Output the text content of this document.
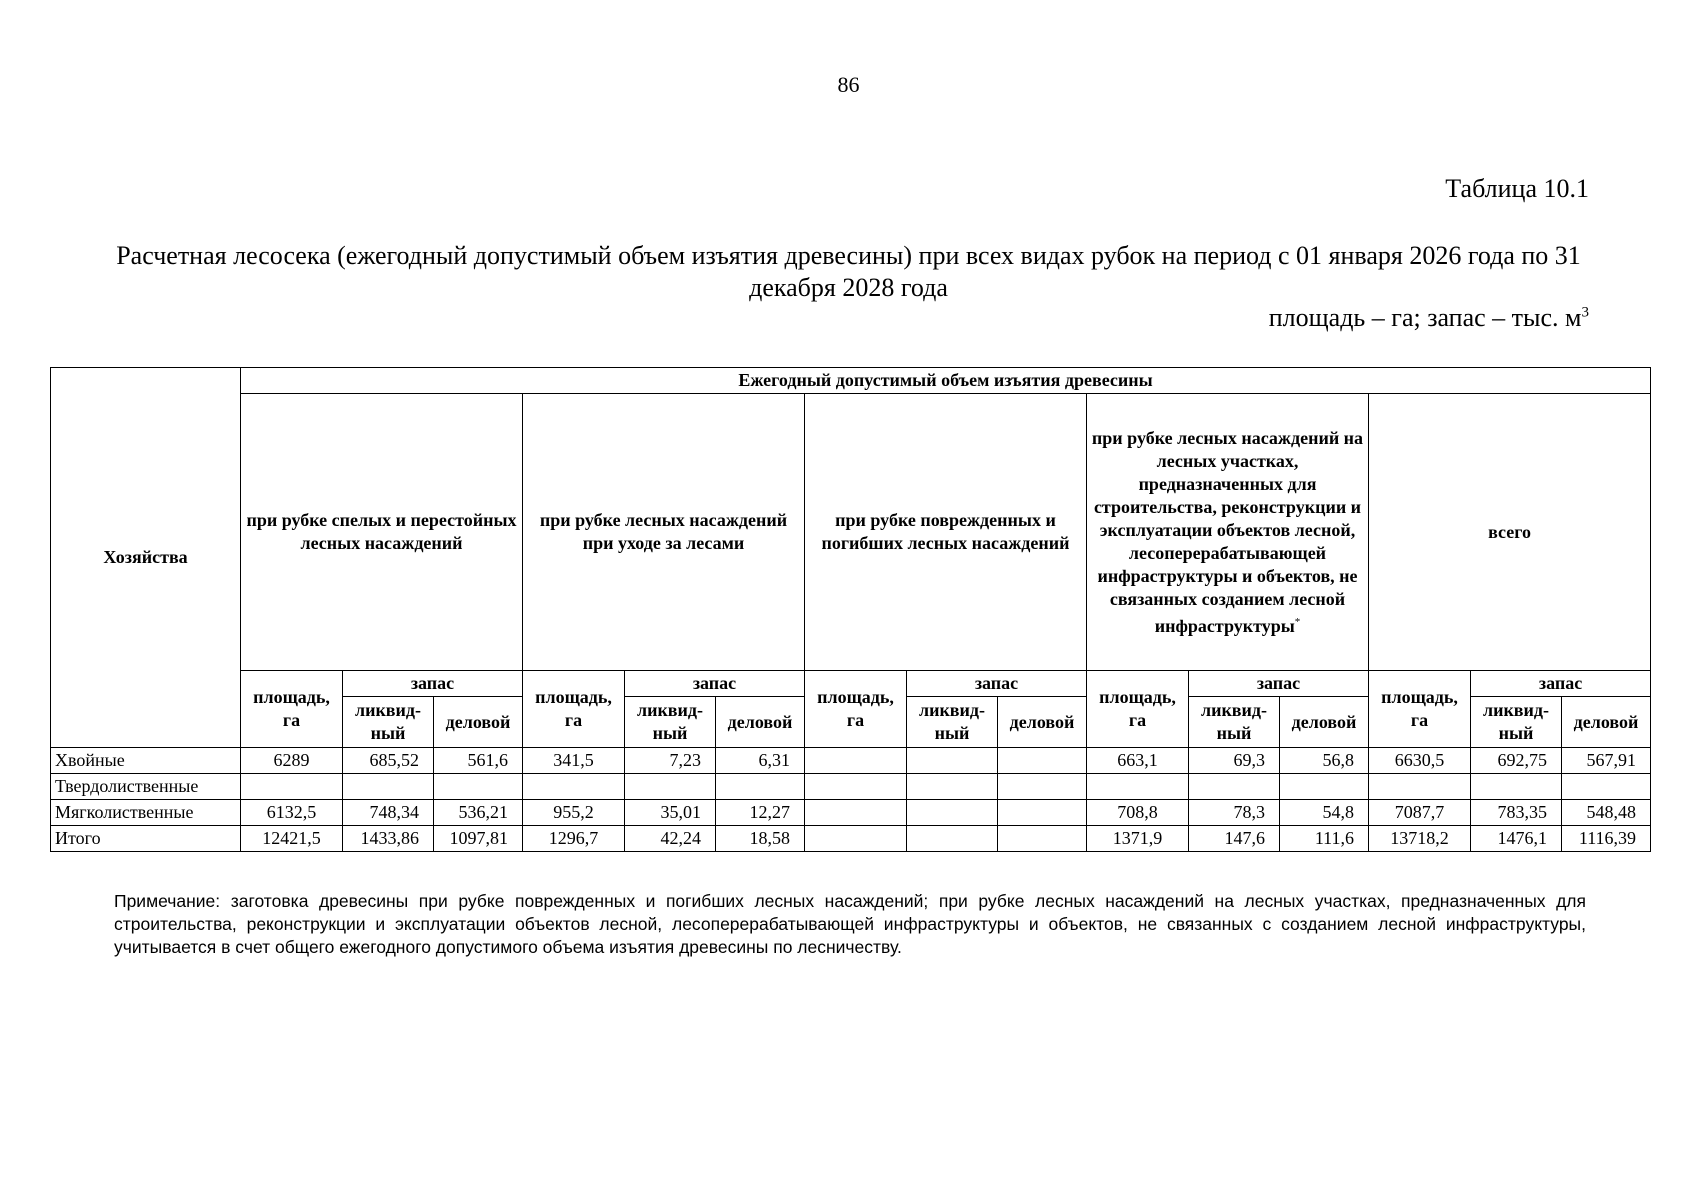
86
Таблица 10.1
Расчетная лесосека (ежегодный допустимый объем изъятия древесины) при всех видах рубок на период с 01 января 2026 года по 31 декабря 2028 года
площадь – га; запас – тыс. $м^3$
Хозяйства	Ежегодный допустимый объем изъятия древесины														
	при рубке спелых и перестойных лесных насаждений			при рубке лесных насаждений при уходе за лесами			при рубке поврежденных и погибших лесных насаждений			при рубке лесных насаждений на лесных участках, предназначенных для строительства, реконструкции и эксплуатации объектов лесной, лесоперерабатывающей инфраструктуры и объектов, не связанных созданием лесной инфраструктуры*			всего		
	площадь, га	запас		площадь, га	запас		площадь, га	запас		площадь, га	запас		площадь, га	запас	
		ликвид-ный	деловой		ликвид-ный	деловой		ликвид-ный	деловой		ликвид-ный	деловой		ликвид-ный	деловой
Хвойные	6289	685,52	561,6	341,5	7,23	6,31				663,1	69,3	56,8	6630,5	692,75	567,91
Твердолиственные															
Мягколиственные	6132,5	748,34	536,21	955,2	35,01	12,27				708,8	78,3	54,8	7087,7	783,35	548,48
Итого	12421,5	1433,86	1097,81	1296,7	42,24	18,58				1371,9	147,6	111,6	13718,2	1476,1	1116,39
Примечание: заготовка древесины при рубке поврежденных и погибших лесных насаждений; при рубке лесных насаждений на лесных участках, предназначенных для строительства, реконструкции и эксплуатации объектов лесной, лесоперерабатывающей инфраструктуры и объектов, не связанных с созданием лесной инфраструктуры, учитывается в счет общего ежегодного допустимого объема изъятия древесины по лесничеству.
